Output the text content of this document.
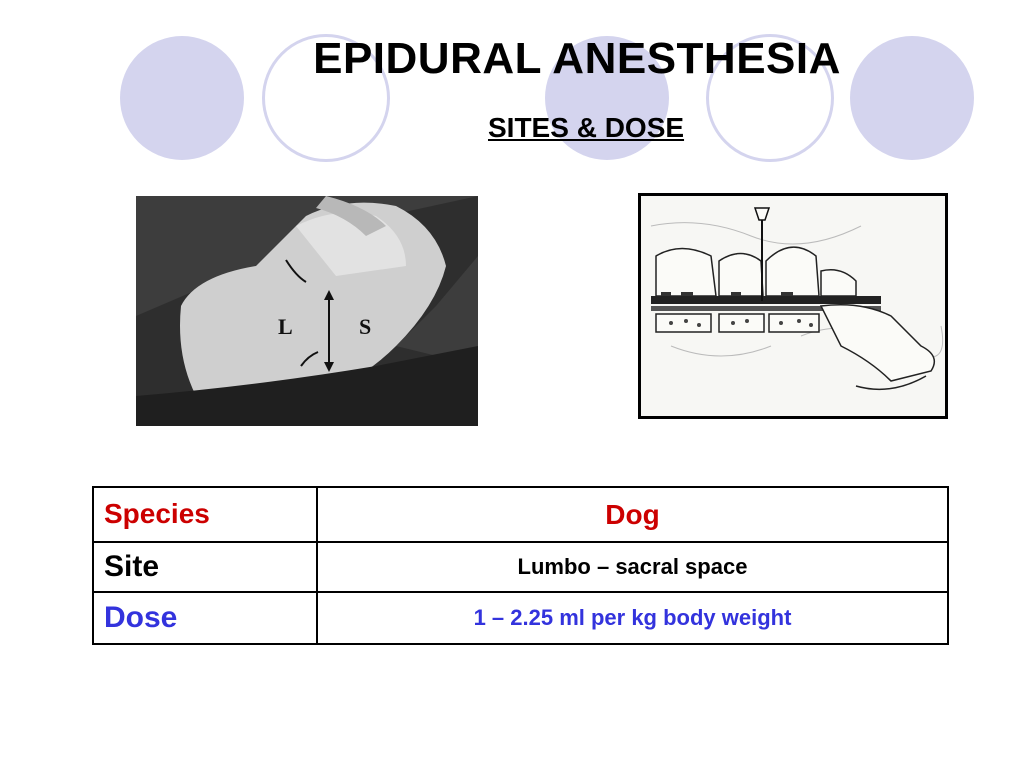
EPIDURAL ANESTHESIA
SITES & DOSE
L	S
Species	Dog
Site	Lumbo – sacral space
Dose	1 – 2.25 ml per kg body weight
